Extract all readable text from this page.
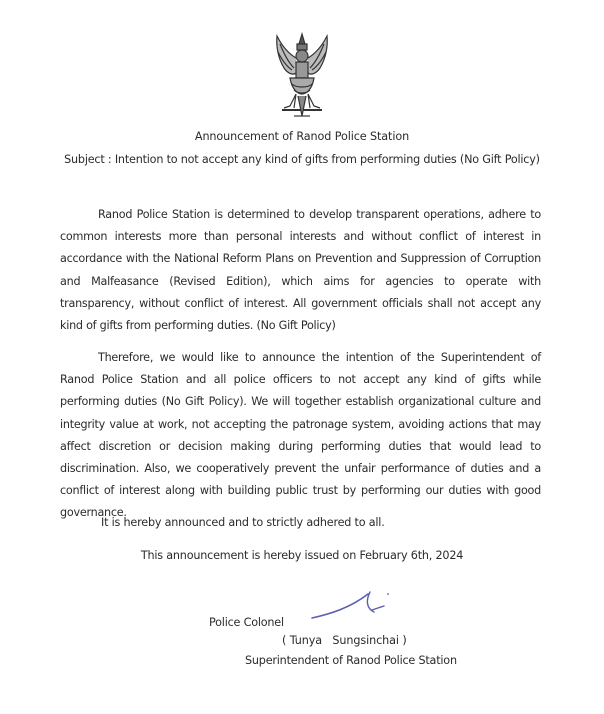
Announcement of Ranod Police Station
Subject : Intention to not accept any kind of gifts from performing duties (No Gift Policy)
Ranod Police Station is determined to develop transparent operations, adhere to common interests more than personal interests and without conflict of interest in accordance with the National Reform Plans on Prevention and Suppression of Corruption and Malfeasance (Revised Edition), which aims for agencies to operate with transparency, without conflict of interest. All government officials shall not accept any kind of gifts from performing duties. (No Gift Policy)
Therefore, we would like to announce the intention of the Superintendent of Ranod Police Station and all police officers to not accept any kind of gifts while performing duties (No Gift Policy). We will together establish organizational culture and integrity value at work, not accepting the patronage system, avoiding actions that may affect discretion or decision making during performing duties that would lead to discrimination. Also, we cooperatively prevent the unfair performance of duties and a conflict of interest along with building public trust by performing our duties with good governance.
It is hereby announced and to strictly adhered to all.
This announcement is hereby issued on February 6th, 2024
Police Colonel
( Tunya   Sungsinchai )
Superintendent of Ranod Police Station
